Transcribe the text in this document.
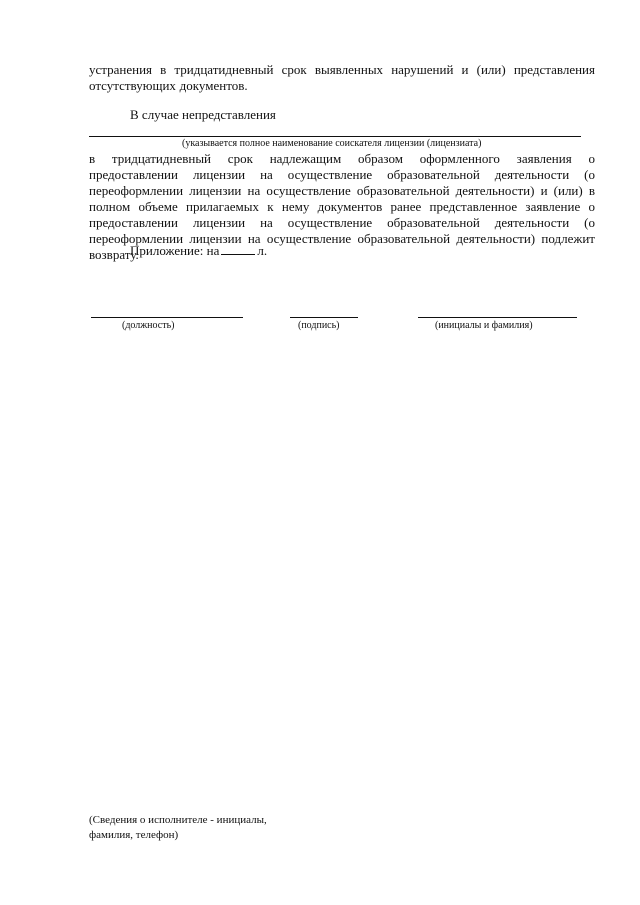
устранения в тридцатидневный срок выявленных нарушений и (или) представления отсутствующих документов.
В случае непредставления
(указывается полное наименование соискателя лицензии (лицензиата)
в тридцатидневный срок надлежащим образом оформленного заявления о предоставлении лицензии на осуществление образовательной деятельности (о переоформлении лицензии на осуществление образовательной деятельности) и (или) в полном объеме прилагаемых к нему документов ранее представленное заявление о предоставлении лицензии на осуществление образовательной деятельности (о переоформлении лицензии на осуществление образовательной деятельности) подлежит возврату.
Приложение: на	л.
(должность)	(подпись)	(инициалы и фамилия)
(Сведения о исполнителе - инициалы, фамилия, телефон)
